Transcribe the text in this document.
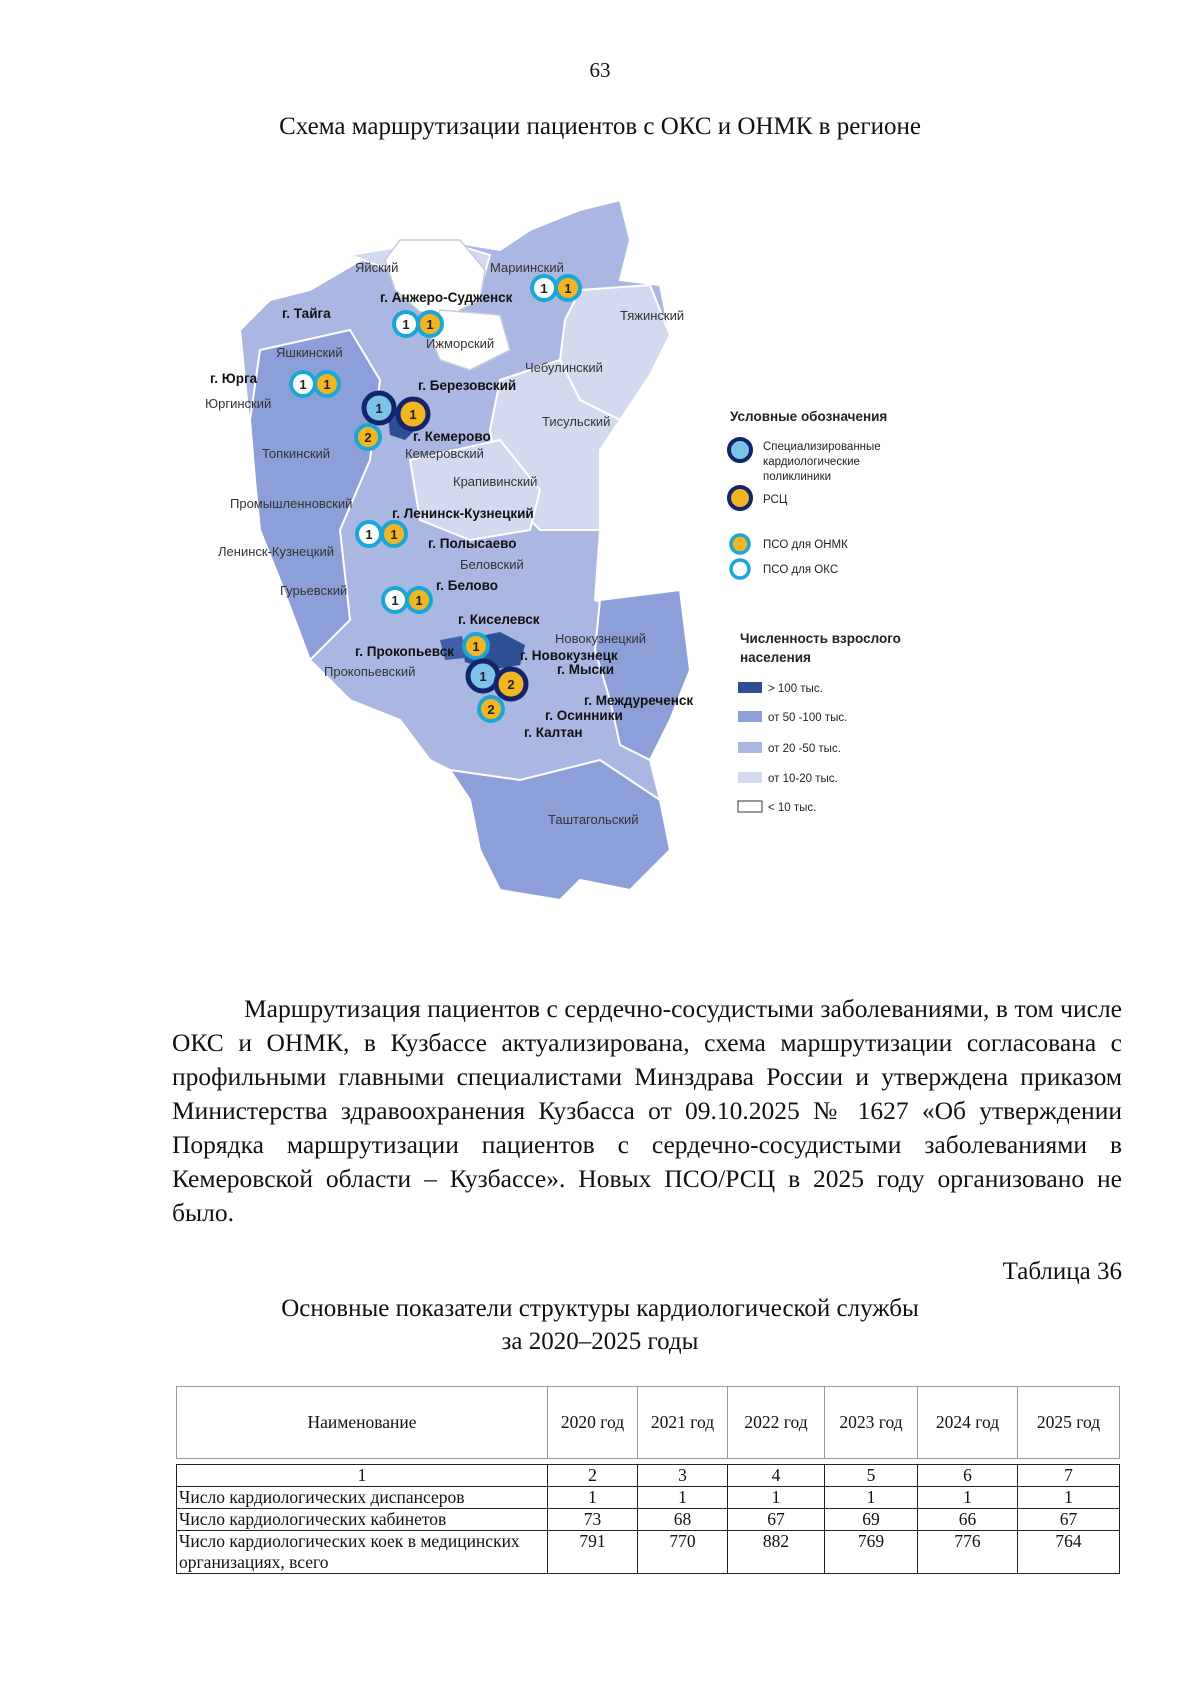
63
Схема маршрутизации пациентов с ОКС и ОНМК в регионе
Яйский	Мариинский
г. Анжеро-Судженск
г. Тайга	Тяжинский
Ижморский
Яшкинский
Чебулинский
г. Юрга
Юргинский
г. Березовский
Тисульский
г. Кемерово
Топкинский	Кемеровский
Крапивинский
Промышленновский
г. Ленинск-Кузнецкий
Ленинск-Кузнецкий
г. Полысаево
Беловский
Гурьевский	г. Белово
г. Киселевск
Новокузнецкий
г. Прокопьевск	г. Новокузнецк
г. Мыски
Прокопьевский
г. Междуреченск
г. Осинники
г. Калтан
Таштагольский
1 1
1 1
1 1
1 1
2
1 1
1 1
1
1
2
2
Условные обозначения
Специализированные
кардиологические
поликлиники
РСЦ
ПСО для ОНМК
ПСО для ОКС
Численность взрослого
населения
> 100 тыс.
от 50 -100 тыс.
от 20 -50 тыс.
от 10-20 тыс.
< 10 тыс.
Маршрутизация пациентов с сердечно-сосудистыми заболеваниями, в том числе ОКС и ОНМК, в Кузбассе актуализирована, схема маршрутизации согласована с профильными главными специалистами Минздрава России и утверждена приказом Министерства здравоохранения Кузбасса от 09.10.2025 № 1627 «Об утверждении Порядка маршрутизации пациентов с сердечно-сосудистыми заболеваниями в Кемеровской области – Кузбассе». Новых ПСО/РСЦ в 2025 году организовано не было.
Таблица 36
Основные показатели структуры кардиологической службы
за 2020–2025 годы
Наименование	2020 год	2021 год	2022 год	2023 год	2024 год	2025 год

1	2	3	4	5	6	7
Число кардиологических диспансеров	1	1	1	1	1	1
Число кардиологических кабинетов	73	68	67	69	66	67
Число кардиологических коек в медицинских организациях, всего	791	770	882	769	776	764
